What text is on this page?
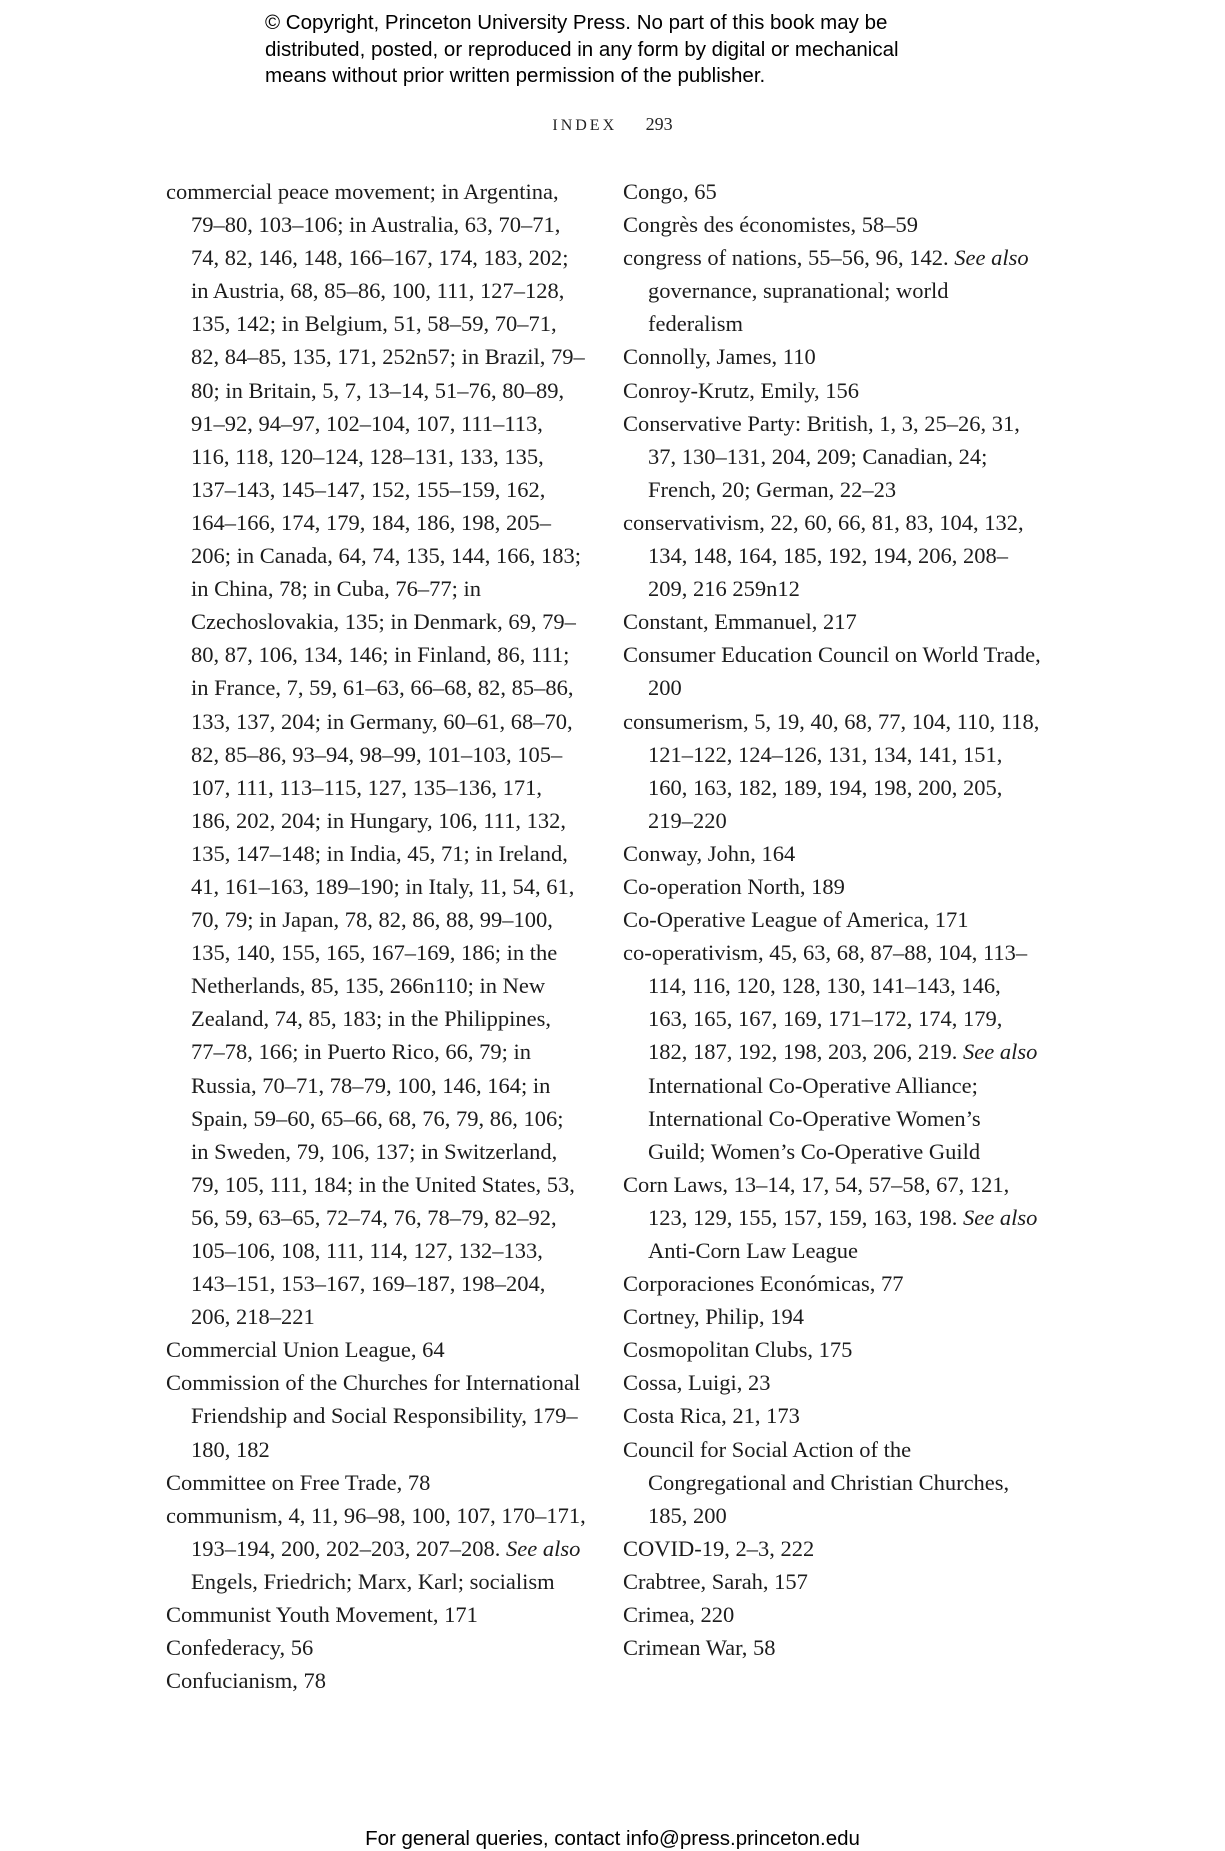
© Copyright, Princeton University Press. No part of this book may be
distributed, posted, or reproduced in any form by digital or mechanical
means without prior written permission of the publisher.
INDEX 293

commercial peace movement; in Argentina, 79–80, 103–106; in Australia, 63, 70–71, 74, 82, 146, 148, 166–167, 174, 183, 202; in Austria, 68, 85–86, 100, 111, 127–128, 135, 142; in Belgium, 51, 58–59, 70–71, 82, 84–85, 135, 171, 252n57; in Brazil, 79–80; in Britain, 5, 7, 13–14, 51–76, 80–89, 91–92, 94–97, 102–104, 107, 111–113, 116, 118, 120–124, 128–131, 133, 135, 137–143, 145–147, 152, 155–159, 162, 164–166, 174, 179, 184, 186, 198, 205–206; in Canada, 64, 74, 135, 144, 166, 183; in China, 78; in Cuba, 76–77; in Czechoslovakia, 135; in Denmark, 69, 79–80, 87, 106, 134, 146; in Finland, 86, 111; in France, 7, 59, 61–63, 66–68, 82, 85–86, 133, 137, 204; in Germany, 60–61, 68–70, 82, 85–86, 93–94, 98–99, 101–103, 105–107, 111, 113–115, 127, 135–136, 171, 186, 202, 204; in Hungary, 106, 111, 132, 135, 147–148; in India, 45, 71; in Ireland, 41, 161–163, 189–190; in Italy, 11, 54, 61, 70, 79; in Japan, 78, 82, 86, 88, 99–100, 135, 140, 155, 165, 167–169, 186; in the Netherlands, 85, 135, 266n110; in New Zealand, 74, 85, 183; in the Philippines, 77–78, 166; in Puerto Rico, 66, 79; in Russia, 70–71, 78–79, 100, 146, 164; in Spain, 59–60, 65–66, 68, 76, 79, 86, 106; in Sweden, 79, 106, 137; in Switzerland, 79, 105, 111, 184; in the United States, 53, 56, 59, 63–65, 72–74, 76, 78–79, 82–92, 105–106, 108, 111, 114, 127, 132–133, 143–151, 153–167, 169–187, 198–204, 206, 218–221

Commercial Union League, 64

Commission of the Churches for International Friendship and Social Responsibility, 179–180, 182

Committee on Free Trade, 78

communism, 4, 11, 96–98, 100, 107, 170–171, 193–194, 200, 202–203, 207–208. See also Engels, Friedrich; Marx, Karl; socialism

Communist Youth Movement, 171

Confederacy, 56

Confucianism, 78

Congo, 65

Congrès des économistes, 58–59

congress of nations, 55–56, 96, 142. See also governance, supranational; world federalism

Connolly, James, 110

Conroy-Krutz, Emily, 156

Conservative Party: British, 1, 3, 25–26, 31, 37, 130–131, 204, 209; Canadian, 24; French, 20; German, 22–23

conservativism, 22, 60, 66, 81, 83, 104, 132, 134, 148, 164, 185, 192, 194, 206, 208–209, 216 259n12

Constant, Emmanuel, 217

Consumer Education Council on World Trade, 200

consumerism, 5, 19, 40, 68, 77, 104, 110, 118, 121–122, 124–126, 131, 134, 141, 151, 160, 163, 182, 189, 194, 198, 200, 205, 219–220

Conway, John, 164

Co-operation North, 189

Co-Operative League of America, 171

co-operativism, 45, 63, 68, 87–88, 104, 113–114, 116, 120, 128, 130, 141–143, 146, 163, 165, 167, 169, 171–172, 174, 179, 182, 187, 192, 198, 203, 206, 219. See also International Co-Operative Alliance; International Co-Operative Women’s Guild; Women’s Co-Operative Guild

Corn Laws, 13–14, 17, 54, 57–58, 67, 121, 123, 129, 155, 157, 159, 163, 198. See also Anti-Corn Law League

Corporaciones Económicas, 77

Cortney, Philip, 194

Cosmopolitan Clubs, 175

Cossa, Luigi, 23

Costa Rica, 21, 173

Council for Social Action of the Congregational and Christian Churches, 185, 200

COVID-19, 2–3, 222

Crabtree, Sarah, 157

Crimea, 220

Crimean War, 58

For general queries, contact info@press.princeton.edu
